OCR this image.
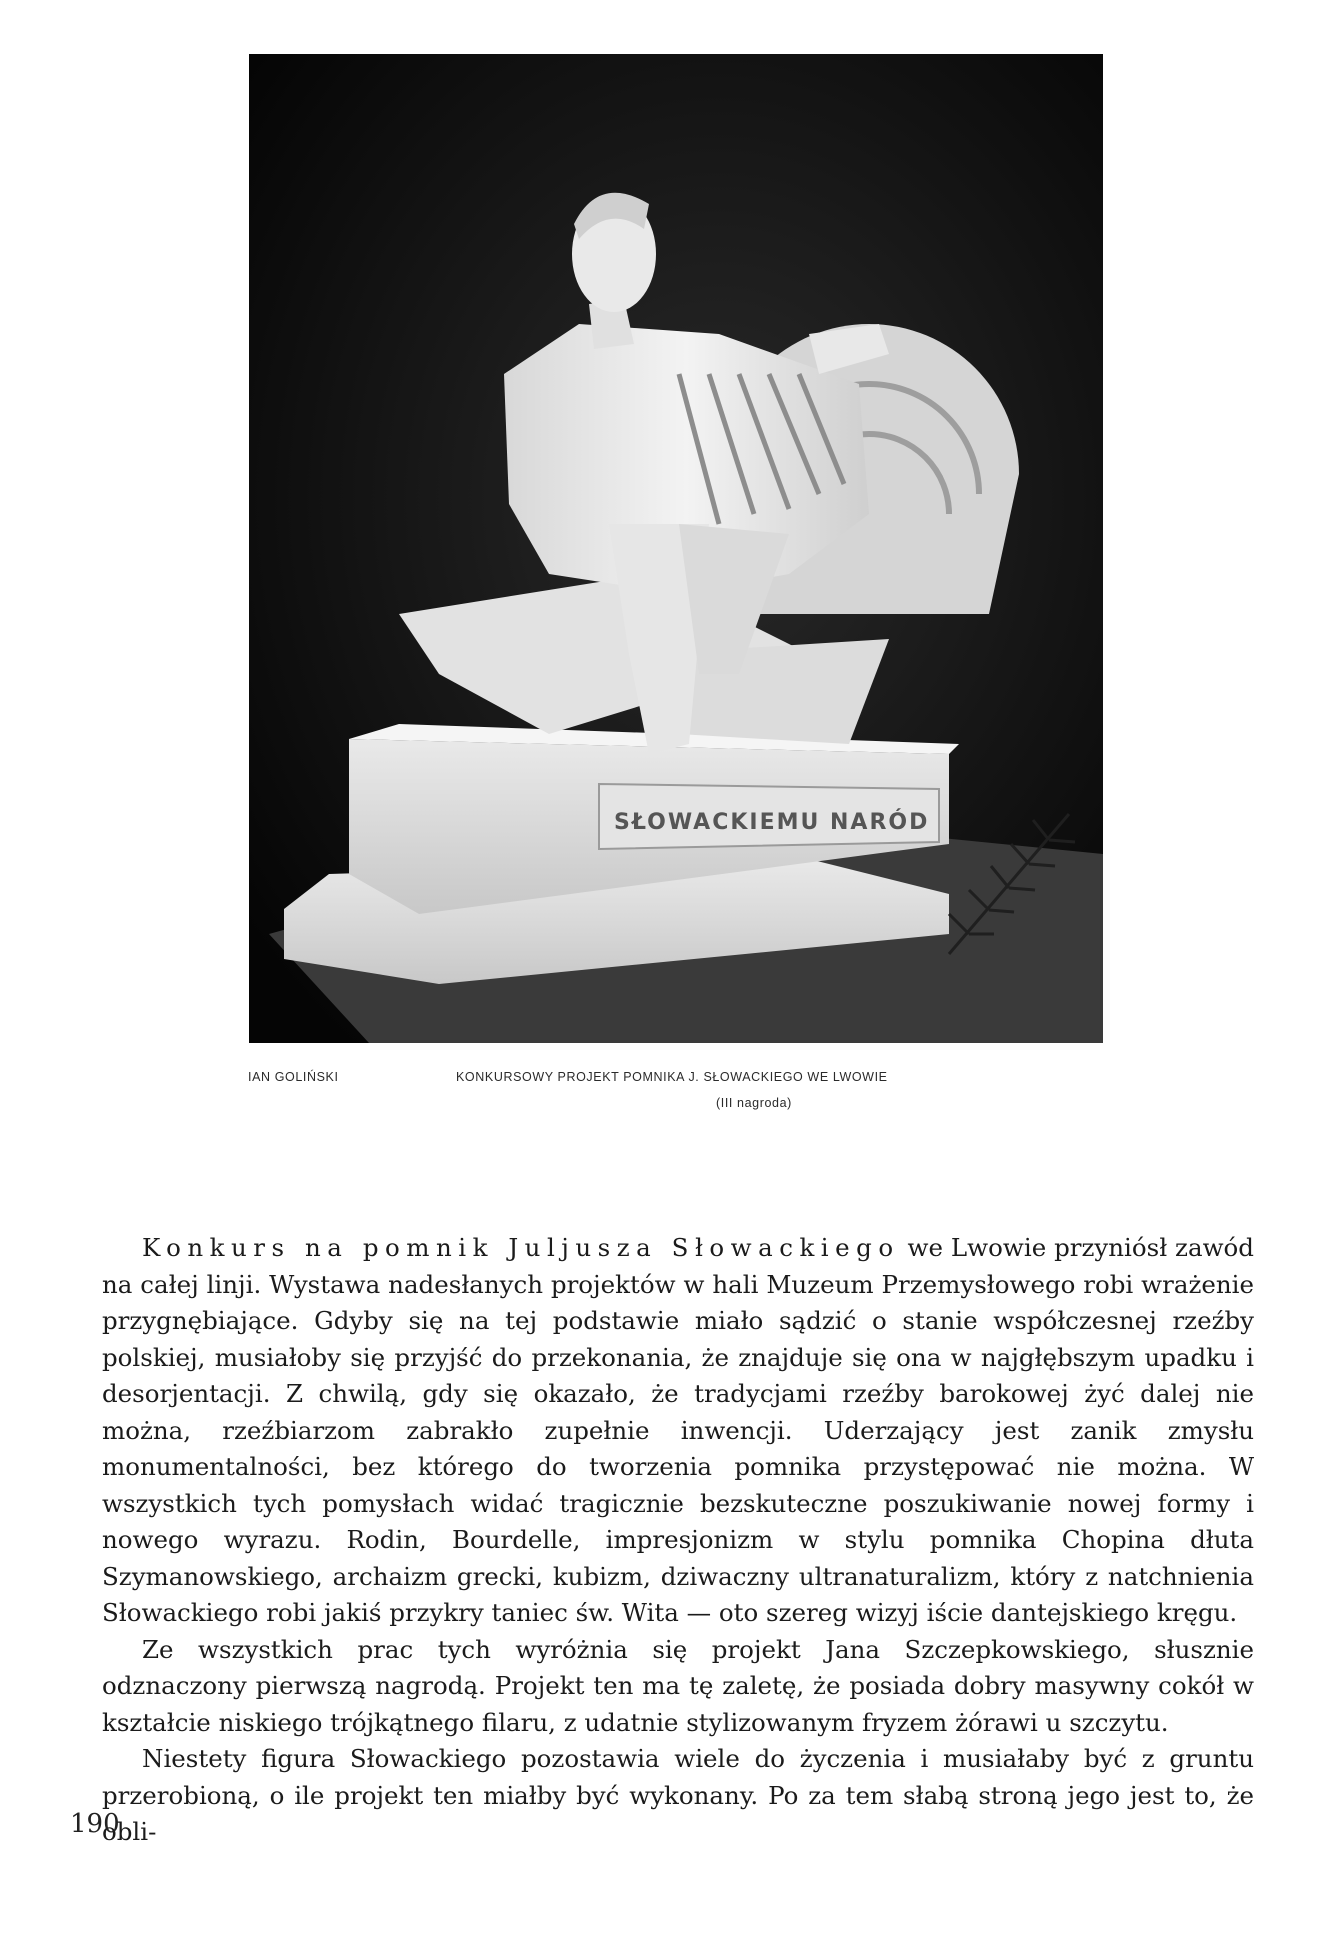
SŁOWACKIEMU NARÓD
IAN GOLIŃSKI	KONKURSOWY PROJEKT POMNIKA J. SŁOWACKIEGO WE LWOWIE
(III nagroda)

Konkurs na pomnik Juljusza Słowackiego we Lwowie przyniósł zawód na całej linji. Wystawa nadesłanych projektów w hali Muzeum Przemysłowego robi wrażenie przygnębiające. Gdyby się na tej podstawie miało sądzić o stanie współczesnej rzeźby polskiej, musiałoby się przyjść do przekonania, że znajduje się ona w najgłębszym upadku i desorjentacji. Z chwilą, gdy się okazało, że tradycjami rzeźby barokowej żyć dalej nie można, rzeźbiarzom zabrakło zupełnie inwencji. Uderzający jest zanik zmysłu monumentalności, bez którego do tworzenia pomnika przystępować nie można. W wszystkich tych pomysłach widać tragicznie bezskuteczne poszukiwanie nowej formy i nowego wyrazu. Rodin, Bourdelle, impresjonizm w stylu pomnika Chopina dłuta Szymanowskiego, archaizm grecki, kubizm, dziwaczny ultranaturalizm, który z natchnienia Słowackiego robi jakiś przykry taniec św. Wita — oto szereg wizyj iście dantejskiego kręgu.

Ze wszystkich prac tych wyróżnia się projekt Jana Szczepkowskiego, słusznie odznaczony pierwszą nagrodą. Projekt ten ma tę zaletę, że posiada dobry masywny cokół w kształcie niskiego trójkątnego filaru, z udatnie stylizowanym fryzem żórawi u szczytu.

Niestety figura Słowackiego pozostawia wiele do życzenia i musiałaby być z gruntu przerobioną, o ile projekt ten miałby być wykonany. Po za tem słabą stroną jego jest to, że obli-

190
